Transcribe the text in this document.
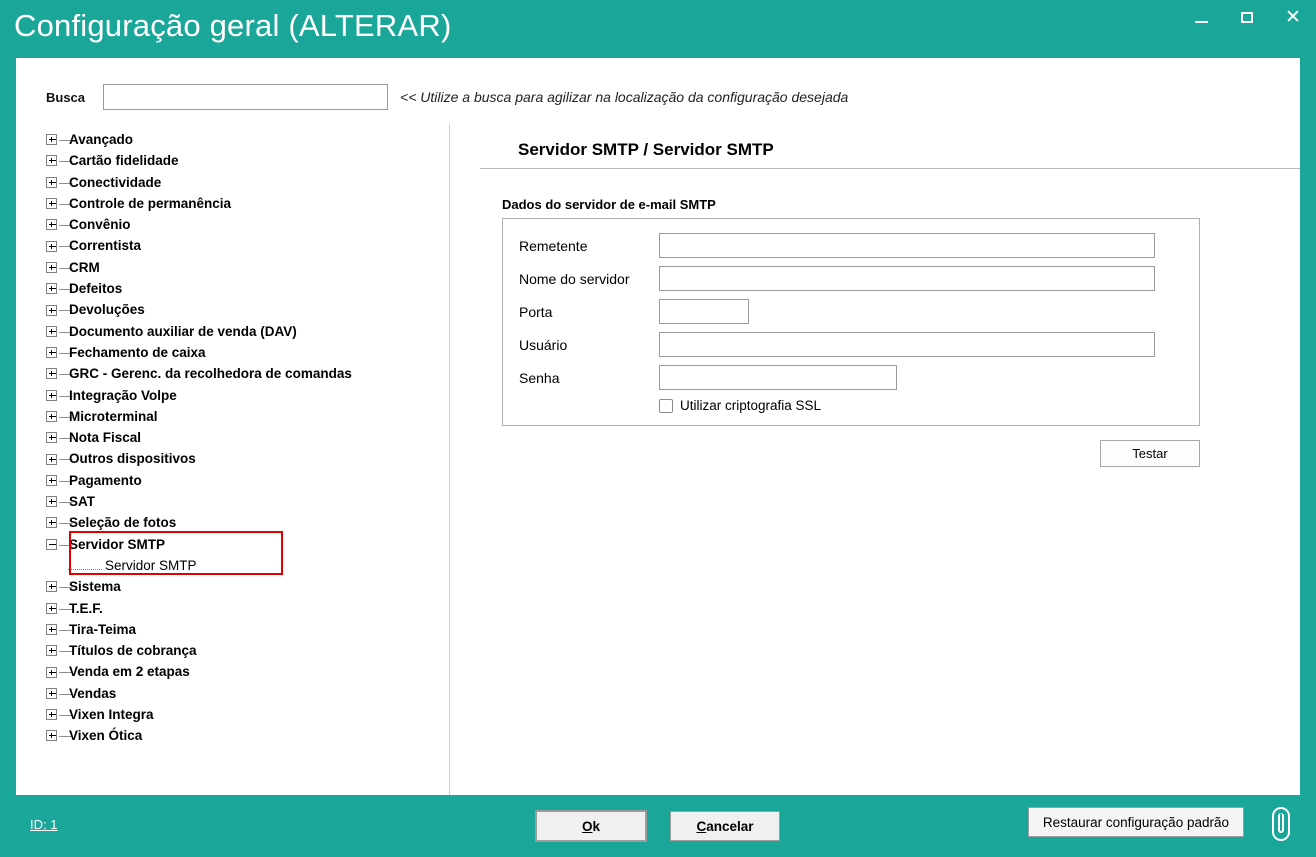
Configuração geral (ALTERAR)	✕
Busca	<< Utilize a busca para agilizar na localização da configuração desejada
––
Avançado
––
Cartão fidelidade
––
Conectividade
––
Controle de permanência
––
Convênio
––
Correntista
––
CRM
––
Defeitos
––
Devoluções
––
Documento auxiliar de venda (DAV)
––
Fechamento de caixa
––
GRC - Gerenc. da recolhedora de comandas
––
Integração Volpe
––
Microterminal
––
Nota Fiscal
––
Outros dispositivos
––
Pagamento
––
SAT
––
Seleção de fotos
––
Servidor SMTP
Servidor SMTP
––
Sistema
––
T.E.F.
––
Tira-Teima
––
Títulos de cobrança
––
Venda em 2 etapas
––
Vendas
––
Vixen Integra
––
Vixen Ótica
Servidor SMTP / Servidor SMTP
Dados do servidor de e-mail SMTP
Remetente
Nome do servidor
Porta
Usuário
Senha
Utilizar criptografia SSL
Testar
ID: 1	Ok	Cancelar	Restaurar configuração padrão
